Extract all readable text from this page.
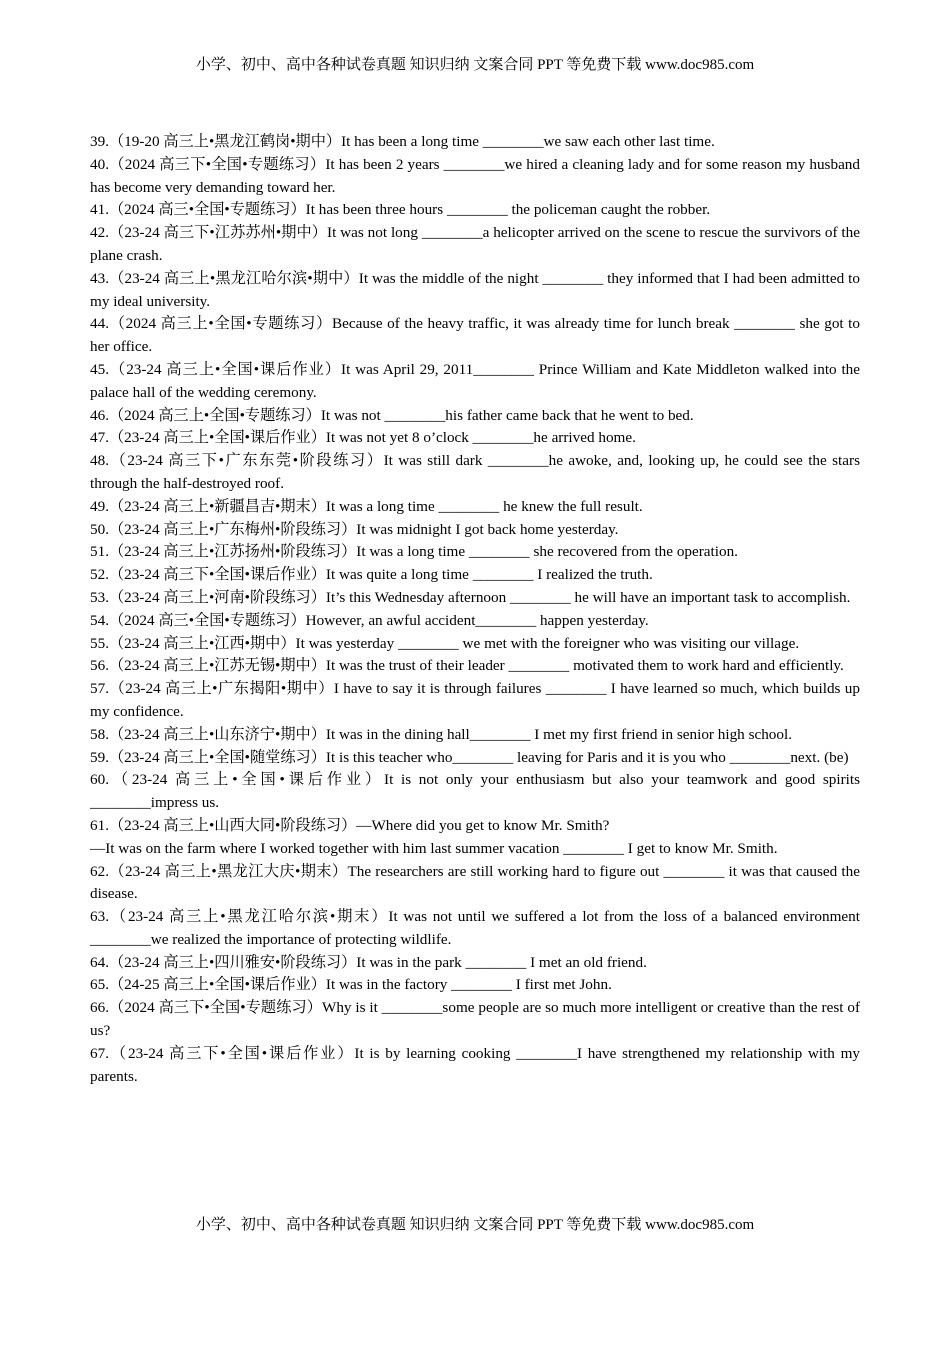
小学、初中、高中各种试卷真题 知识归纳 文案合同 PPT 等免费下载 www.doc985.com

39.（19-20 高三上•黑龙江鹤岗•期中）It has been a long time ________we saw each other last time.

40.（2024 高三下•全国•专题练习）It has been 2 years ________we hired a cleaning lady and for some reason my husband has become very demanding toward her.

41.（2024 高三•全国•专题练习）It has been three hours ________ the policeman caught the robber.

42.（23-24 高三下•江苏苏州•期中）It was not long ________a helicopter arrived on the scene to rescue the survivors of the plane crash.

43.（23-24 高三上•黑龙江哈尔滨•期中）It was the middle of the night ________ they informed that I had been admitted to my ideal university.

44.（2024 高三上•全国•专题练习）Because of the heavy traffic, it was already time for lunch break ________ she got to her office.

45.（23-24 高三上•全国•课后作业）It was April 29, 2011________ Prince William and Kate Middleton walked into the palace hall of the wedding ceremony.

46.（2024 高三上•全国•专题练习）It was not ________his father came back that he went to bed.

47.（23-24 高三上•全国•课后作业）It was not yet 8 o’clock ________he arrived home.

48.（23-24 高三下•广东东莞•阶段练习）It was still dark ________he awoke, and, looking up, he could see the stars through the half-destroyed roof.

49.（23-24 高三上•新疆昌吉•期末）It was a long time ________ he knew the full result.

50.（23-24 高三上•广东梅州•阶段练习）It was midnight I got back home yesterday.

51.（23-24 高三上•江苏扬州•阶段练习）It was a long time ________ she recovered from the operation.

52.（23-24 高三下•全国•课后作业）It was quite a long time ________ I realized the truth.

53.（23-24 高三上•河南•阶段练习）It’s this Wednesday afternoon ________ he will have an important task to accomplish.

54.（2024 高三•全国•专题练习）However, an awful accident________ happen yesterday.

55.（23-24 高三上•江西•期中）It was yesterday ________ we met with the foreigner who was visiting our village.

56.（23-24 高三上•江苏无锡•期中）It was the trust of their leader ________ motivated them to work hard and efficiently.

57.（23-24 高三上•广东揭阳•期中）I have to say it is through failures ________ I have learned so much, which builds up my confidence.

58.（23-24 高三上•山东济宁•期中）It was in the dining hall________ I met my first friend in senior high school.

59.（23-24 高三上•全国•随堂练习）It is this teacher who________ leaving for Paris and it is you who ________next. (be)

60.（23-24 高三上•全国•课后作业）It is not only your enthusiasm but also your teamwork and good spirits ________impress us.

61.（23-24 高三上•山西大同•阶段练习）—Where did you get to know Mr. Smith?

—It was on the farm where I worked together with him last summer vacation ________ I get to know Mr. Smith.

62.（23-24 高三上•黑龙江大庆•期末）The researchers are still working hard to figure out ________ it was that caused the disease.

63.（23-24 高三上•黑龙江哈尔滨•期末）It was not until we suffered a lot from the loss of a balanced environment ________we realized the importance of protecting wildlife.

64.（23-24 高三上•四川雅安•阶段练习）It was in the park ________ I met an old friend.

65.（24-25 高三上•全国•课后作业）It was in the factory ________ I first met John.

66.（2024 高三下•全国•专题练习）Why is it ________some people are so much more intelligent or creative than the rest of us?

67.（23-24 高三下•全国•课后作业）It is by learning cooking ________I have strengthened my relationship with my parents.

小学、初中、高中各种试卷真题 知识归纳 文案合同 PPT 等免费下载 www.doc985.com
